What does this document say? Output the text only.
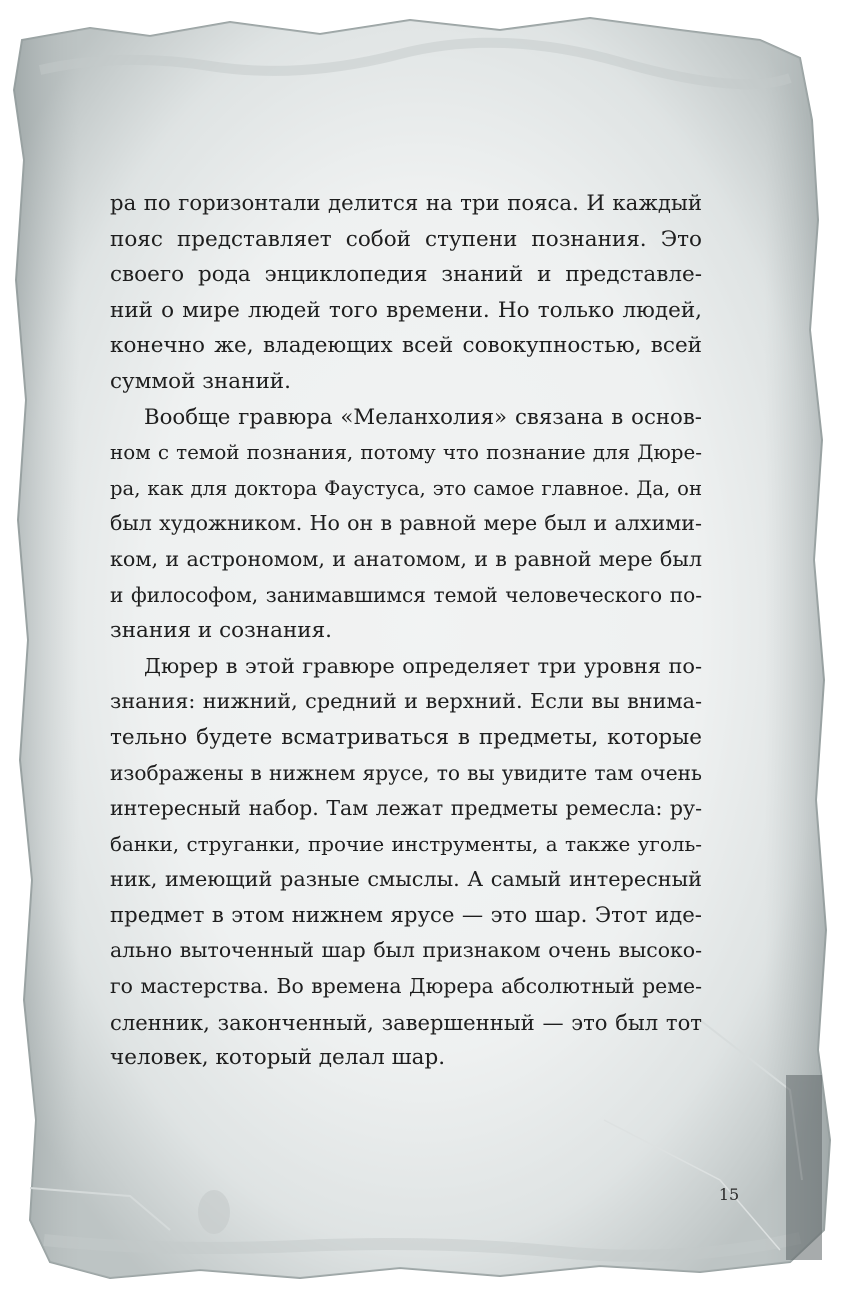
ра по горизонтали делится на три пояса. И каждый
пояс представляет собой ступени познания. Это
своего рода энциклопедия знаний и представле-
ний о мире людей того времени. Но только людей,
конечно же, владеющих всей совокупностью, всей
суммой знаний.
Вообще гравюра «Меланхолия» связана в основ-
ном с темой познания, потому что познание для Дюре-
ра, как для доктора Фаустуса, это самое главное. Да, он
был художником. Но он в равной мере был и алхими-
ком, и астрономом, и анатомом, и в равной мере был
и философом, занимавшимся темой человеческого по-
знания и сознания.
Дюрер в этой гравюре определяет три уровня по-
знания: нижний, средний и верхний. Если вы внима-
тельно будете всматриваться в предметы, которые
изображены в нижнем ярусе, то вы увидите там очень
интересный набор. Там лежат предметы ремесла: ру-
банки, струганки, прочие инструменты, а также уголь-
ник, имеющий разные смыслы. А самый интересный
предмет в этом нижнем ярусе — это шар. Этот иде-
ально выточенный шар был признаком очень высоко-
го мастерства. Во времена Дюрера абсолютный реме-
сленник, законченный, завершенный — это был тот
человек, который делал шар.
15
